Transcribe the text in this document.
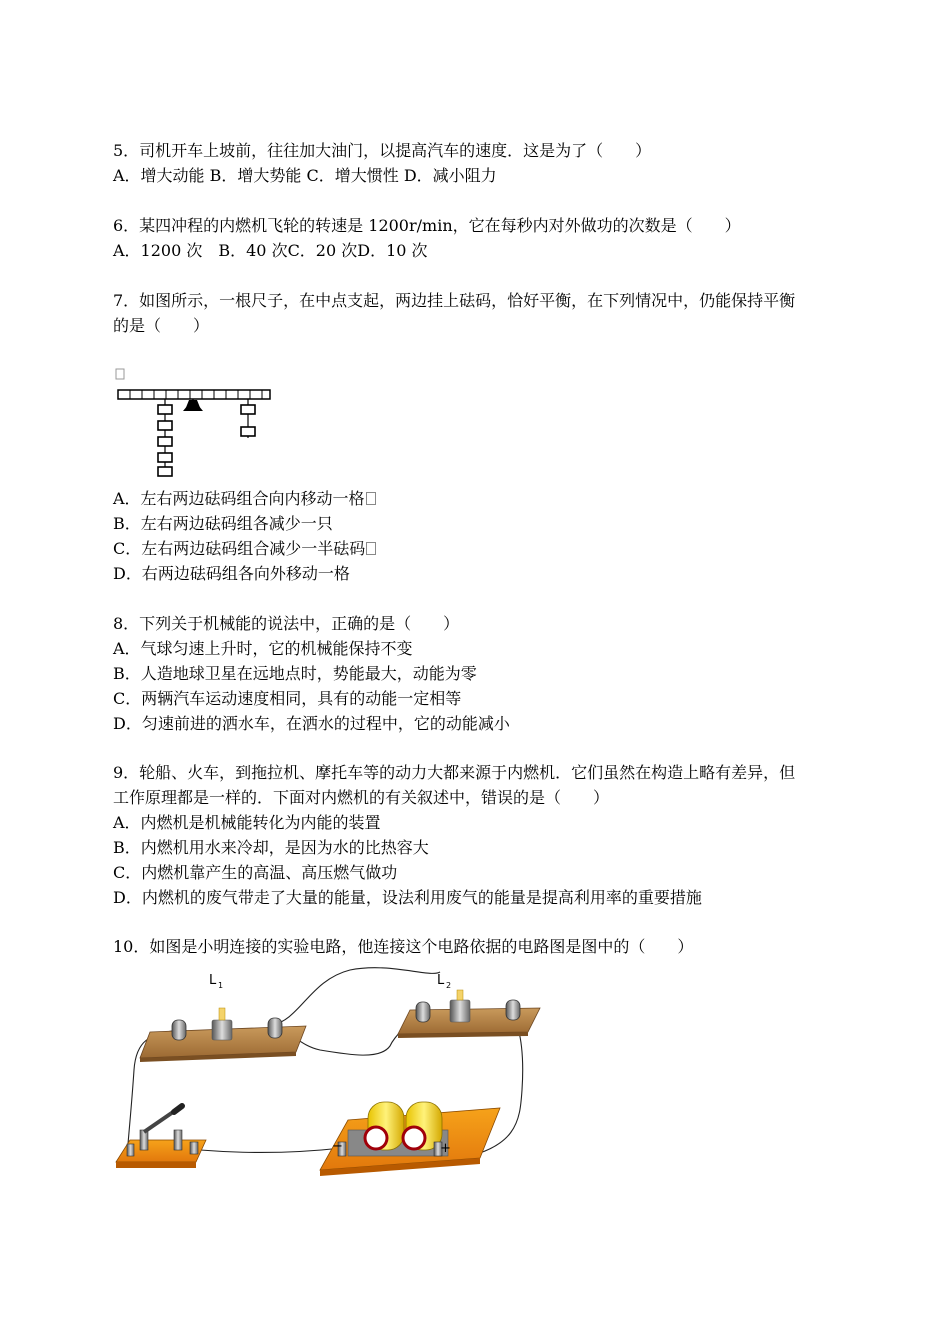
5．司机开车上坡前，往往加大油门，以提高汽车的速度．这是为了（　　）
A．增大动能 B．增大势能 C．增大惯性 D．减小阻力
6．某四冲程的内燃机飞轮的转速是 1200r/min，它在每秒内对外做功的次数是（　　）
A．1200 次　B．40 次C．20 次D．10 次
7．如图所示，一根尺子，在中点支起，两边挂上砝码，恰好平衡，在下列情况中，仍能保持平衡
的是（　　）
A．左右两边砝码组合向内移动一格
B．左右两边砝码组各减少一只
C．左右两边砝码组合减少一半砝码
D．右两边砝码组各向外移动一格
8．下列关于机械能的说法中，正确的是（　　）
A．气球匀速上升时，它的机械能保持不变
B．人造地球卫星在远地点时，势能最大，动能为零
C．两辆汽车运动速度相同，具有的动能一定相等
D．匀速前进的洒水车，在洒水的过程中，它的动能减小
9．轮船、火车，到拖拉机、摩托车等的动力大都来源于内燃机．它们虽然在构造上略有差异，但
工作原理都是一样的．下面对内燃机的有关叙述中，错误的是（　　）
A．内燃机是机械能转化为内能的装置
B．内燃机用水来冷却，是因为水的比热容大
C．内燃机靠产生的高温、高压燃气做功
D．内燃机的废气带走了大量的能量，设法利用废气的能量是提高利用率的重要措施
10．如图是小明连接的实验电路，他连接这个电路依据的电路图是图中的（　　）
L 1	L 2
−	+
